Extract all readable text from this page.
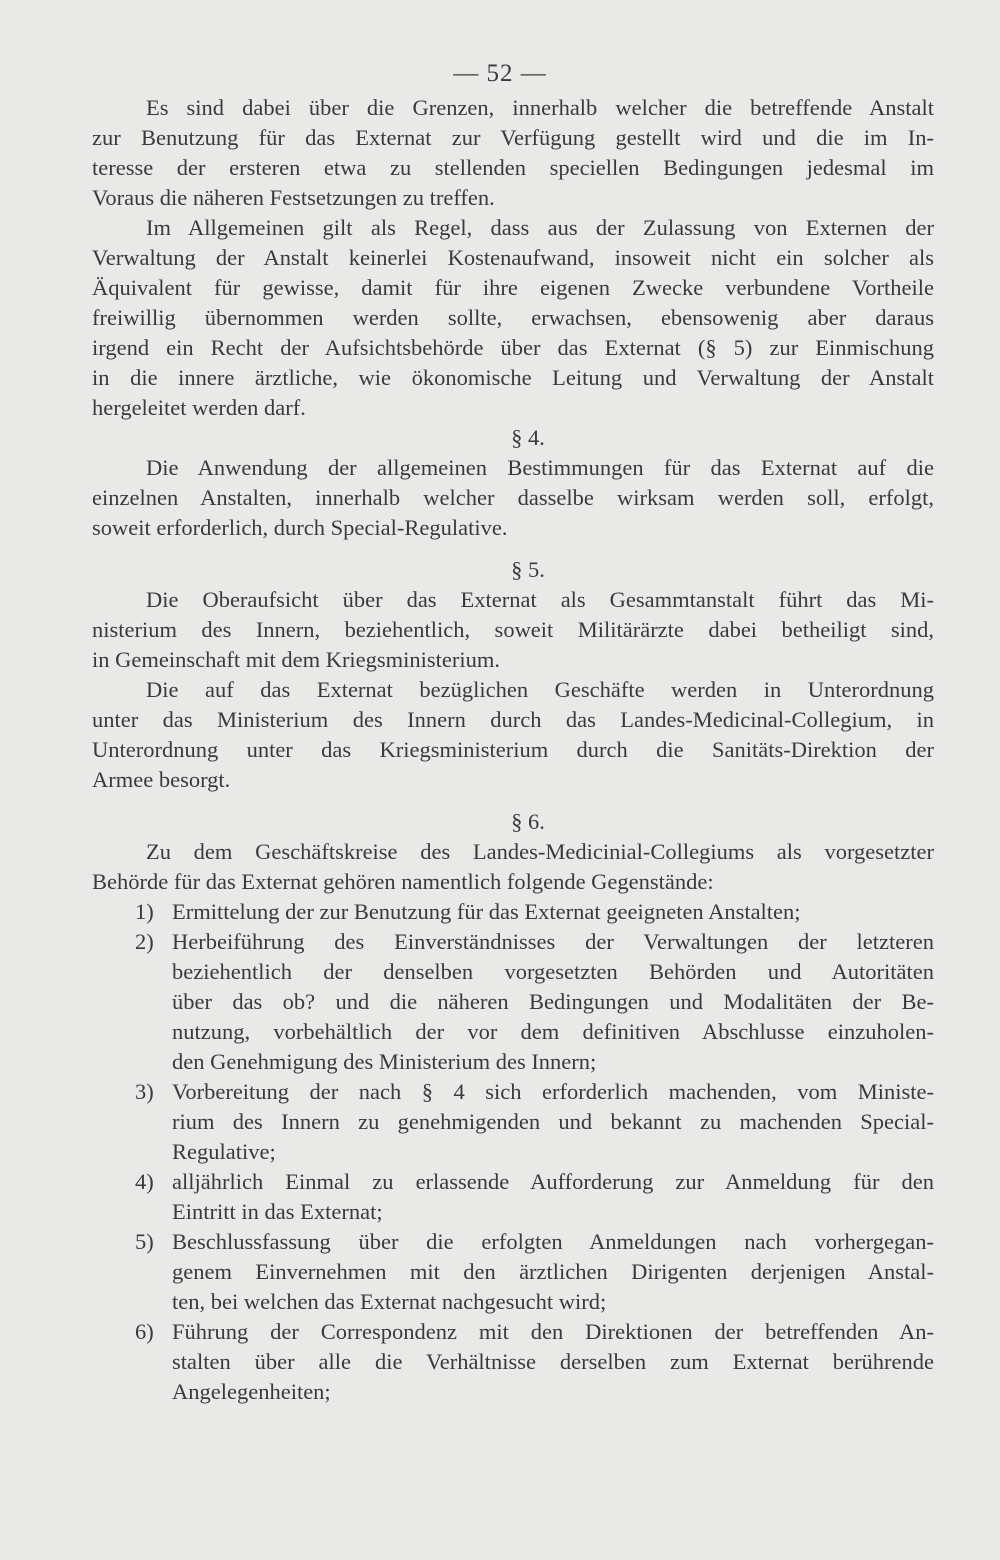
— 52 —

Es sind dabei über die Grenzen, innerhalb welcher die betreffende Anstalt

zur Benutzung für das Externat zur Verfügung gestellt wird und die im In-

teresse der ersteren etwa zu stellenden speciellen Bedingungen jedesmal im

Voraus die näheren Festsetzungen zu treffen.

Im Allgemeinen gilt als Regel, dass aus der Zulassung von Externen der

Verwaltung der Anstalt keinerlei Kostenaufwand, insoweit nicht ein solcher als

Äquivalent für gewisse, damit für ihre eigenen Zwecke verbundene Vortheile

freiwillig übernommen werden sollte, erwachsen, ebensowenig aber daraus

irgend ein Recht der Aufsichtsbehörde über das Externat (§ 5) zur Einmischung

in die innere ärztliche, wie ökonomische Leitung und Verwaltung der Anstalt

hergeleitet werden darf.

§ 4.

Die Anwendung der allgemeinen Bestimmungen für das Externat auf die

einzelnen Anstalten, innerhalb welcher dasselbe wirksam werden soll, erfolgt,

soweit erforderlich, durch Special-Regulative.

§ 5.

Die Oberaufsicht über das Externat als Gesammtanstalt führt das Mi-

nisterium des Innern, beziehentlich, soweit Militärärzte dabei betheiligt sind,

in Gemeinschaft mit dem Kriegsministerium.

Die auf das Externat bezüglichen Geschäfte werden in Unterordnung

unter das Ministerium des Innern durch das Landes-Medicinal-Collegium, in

Unterordnung unter das Kriegsministerium durch die Sanitäts-Direktion der

Armee besorgt.

§ 6.

Zu dem Geschäftskreise des Landes-Medicinial-Collegiums als vorgesetzter

Behörde für das Externat gehören namentlich folgende Gegenstände:

1) Ermittelung der zur Benutzung für das Externat geeigneten Anstalten;
2) Herbeiführung des Einverständnisses der Verwaltungen der letzteren
beziehentlich der denselben vorgesetzten Behörden und Autoritäten
über das ob? und die näheren Bedingungen und Modalitäten der Be-
nutzung, vorbehältlich der vor dem definitiven Abschlusse einzuholen-
den Genehmigung des Ministerium des Innern;
3) Vorbereitung der nach § 4 sich erforderlich machenden, vom Ministe-
rium des Innern zu genehmigenden und bekannt zu machenden Special-
Regulative;
4) alljährlich Einmal zu erlassende Aufforderung zur Anmeldung für den
Eintritt in das Externat;
5) Beschlussfassung über die erfolgten Anmeldungen nach vorhergegan-
genem Einvernehmen mit den ärztlichen Dirigenten derjenigen Anstal-
ten, bei welchen das Externat nachgesucht wird;
6) Führung der Correspondenz mit den Direktionen der betreffenden An-
stalten über alle die Verhältnisse derselben zum Externat berührende
Angelegenheiten;
